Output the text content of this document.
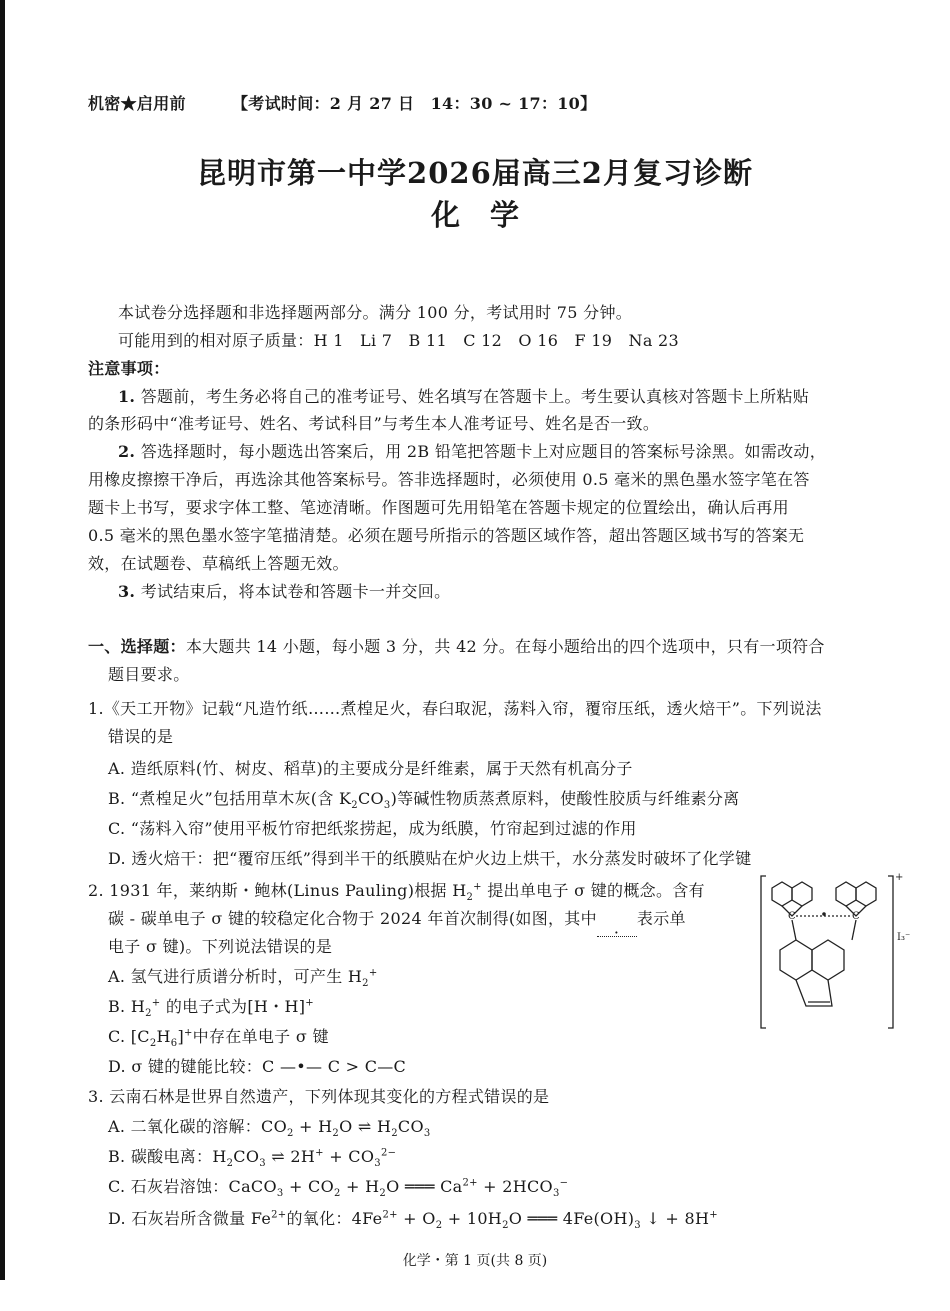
机密★启用前	【考试时间：2 月 27 日　14：30 ~ 17：10】
昆明市第一中学2026届高三2月复习诊断
化学
本试卷分选择题和非选择题两部分。满分 100 分，考试用时 75 分钟。
可能用到的相对原子质量：H 1　Li 7　B 11　C 12　O 16　F 19　Na 23
注意事项：
1. 答题前，考生务必将自己的准考证号、姓名填写在答题卡上。考生要认真核对答题卡上所粘贴
的条形码中“准考证号、姓名、考试科目”与考生本人准考证号、姓名是否一致。
2. 答选择题时，每小题选出答案后，用 2B 铅笔把答题卡上对应题目的答案标号涂黑。如需改动，
用橡皮擦擦干净后，再选涂其他答案标号。答非选择题时，必须使用 0.5 毫米的黑色墨水签字笔在答
题卡上书写，要求字体工整、笔迹清晰。作图题可先用铅笔在答题卡规定的位置绘出，确认后再用
0.5 毫米的黑色墨水签字笔描清楚。必须在题号所指示的答题区域作答，超出答题区域书写的答案无
效，在试题卷、草稿纸上答题无效。
3. 考试结束后，将本试卷和答题卡一并交回。
一、选择题：本大题共 14 小题，每小题 3 分，共 42 分。在每小题给出的四个选项中，只有一项符合
题目要求。
1.《天工开物》记载“凡造竹纸……煮楻足火，春臼取泥，荡料入帘，覆帘压纸，透火焙干”。下列说法
错误的是
A. 造纸原料(竹、树皮、稻草)的主要成分是纤维素，属于天然有机高分子
B. “煮楻足火”包括用草木灰(含 $K_2CO_3$)等碱性物质蒸煮原料，使酸性胶质与纤维素分离
C. “荡料入帘”使用平板竹帘把纸浆捞起，成为纸膜，竹帘起到过滤的作用
D. 透火焙干：把“覆帘压纸”得到半干的纸膜贴在炉火边上烘干，水分蒸发时破坏了化学键
2. 1931 年，莱纳斯・鲍林(Linus Pauling)根据 $H_2^+$ 提出单电子 σ 键的概念。含有
碳 - 碳单电子 σ 键的较稳定化合物于 2024 年首次制得(如图，其中
·
表示单
电子 σ 键)。下列说法错误的是
A. 氢气进行质谱分析时，可产生 $H_2^+$
B. $H_2^+$ 的电子式为[H・H]+
C. $[C_2H_6]^+$中存在单电子 σ 键
D. σ 键的键能比较：C —•— C > C—C
C	C
+
I₃⁻
3. 云南石林是世界自然遗产，下列体现其变化的方程式错误的是
A. 二氧化碳的溶解：$CO_2 + H_2O$ ⇌ $H_2CO_3$
B. 碳酸电离：$H_2CO_3$ ⇌ $2H^+ + CO_3^{2-}$
C. 石灰岩溶蚀：CaCO$_3$ + $CO_2 + H_2O$ ═══ $Ca^{2+} + 2HCO_3^-$
D. 石灰岩所含微量 $Fe^{2+}$的氧化：$4Fe^{2+} + O_2 + 10H_2O$ ═══ $4Fe(OH)_3$ ↓ + 8H+
化学・第 1 页(共 8 页)
